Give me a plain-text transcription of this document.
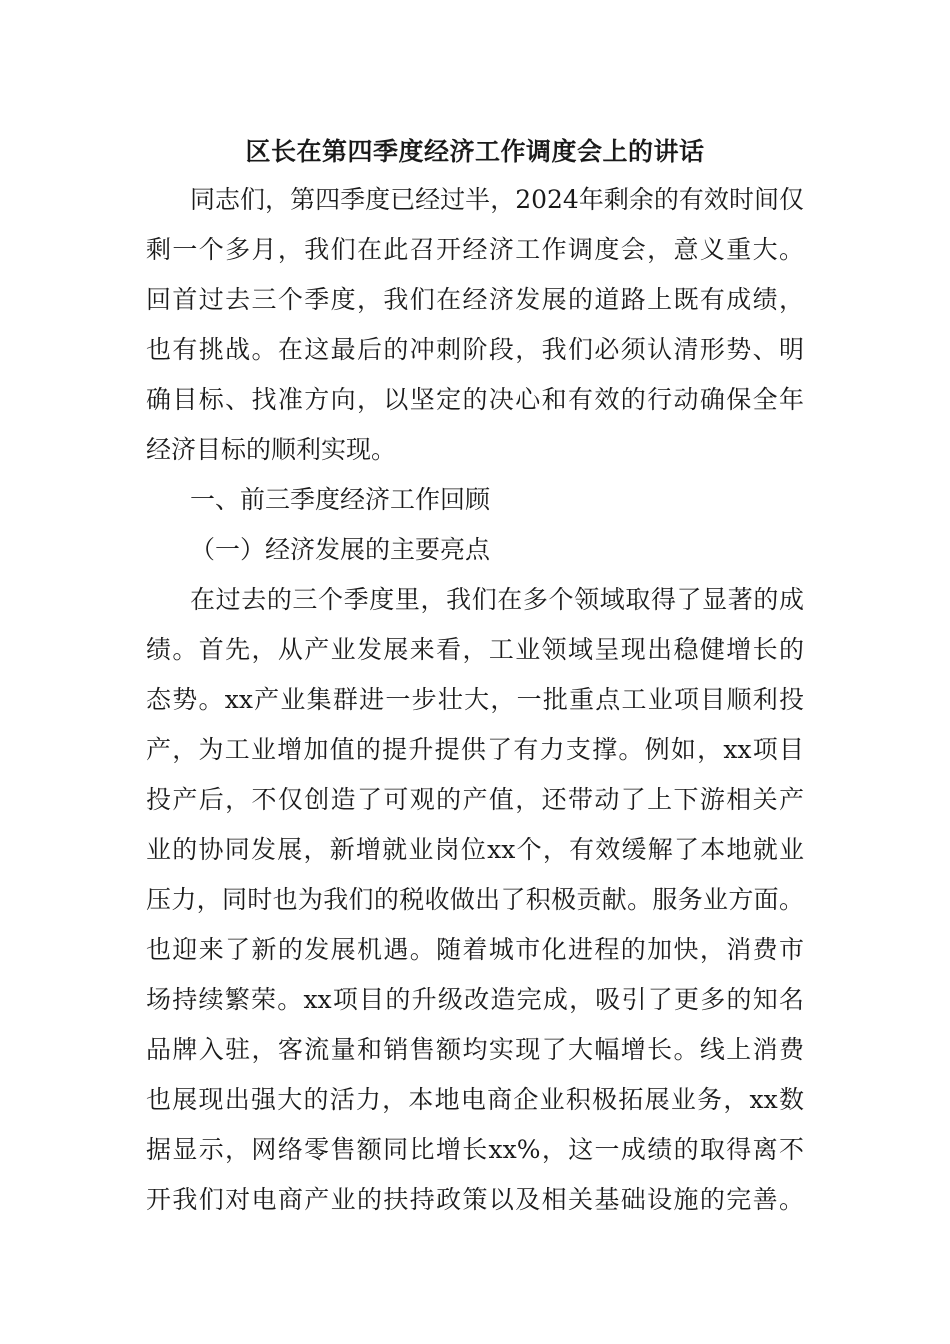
区长在第四季度经济工作调度会上的讲话
同志们，第四季度已经过半，2024年剩余的有效时间仅
剩一个多月，我们在此召开经济工作调度会，意义重大。
回首过去三个季度，我们在经济发展的道路上既有成绩，
也有挑战。在这最后的冲刺阶段，我们必须认清形势、明
确目标、找准方向，以坚定的决心和有效的行动确保全年
经济目标的顺利实现。
一、前三季度经济工作回顾
（一）经济发展的主要亮点
在过去的三个季度里，我们在多个领域取得了显著的成
绩。首先，从产业发展来看，工业领域呈现出稳健增长的
态势。xx产业集群进一步壮大，一批重点工业项目顺利投
产，为工业增加值的提升提供了有力支撑。例如，xx项目
投产后，不仅创造了可观的产值，还带动了上下游相关产
业的协同发展，新增就业岗位xx个，有效缓解了本地就业
压力，同时也为我们的税收做出了积极贡献。服务业方面。
也迎来了新的发展机遇。随着城市化进程的加快，消费市
场持续繁荣。xx项目的升级改造完成，吸引了更多的知名
品牌入驻，客流量和销售额均实现了大幅增长。线上消费
也展现出强大的活力，本地电商企业积极拓展业务，xx数
据显示，网络零售额同比增长xx%，这一成绩的取得离不
开我们对电商产业的扶持政策以及相关基础设施的完善。
